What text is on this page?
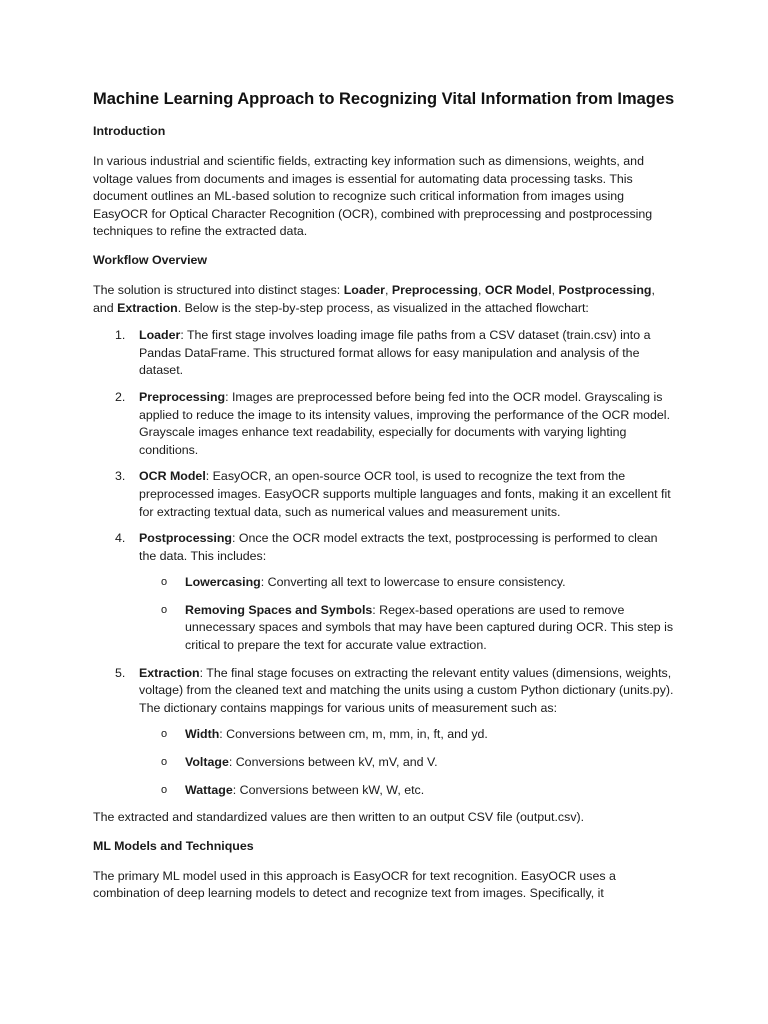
Machine Learning Approach to Recognizing Vital Information from Images
Introduction

In various industrial and scientific fields, extracting key information such as dimensions, weights, and voltage values from documents and images is essential for automating data processing tasks. This document outlines an ML-based solution to recognize such critical information from images using EasyOCR for Optical Character Recognition (OCR), combined with preprocessing and postprocessing techniques to refine the extracted data.

Workflow Overview

The solution is structured into distinct stages: Loader, Preprocessing, OCR Model, Postprocessing, and Extraction. Below is the step-by-step process, as visualized in the attached flowchart:

1. Loader: The first stage involves loading image file paths from a CSV dataset (train.csv) into a Pandas DataFrame. This structured format allows for easy manipulation and analysis of the dataset.
2. Preprocessing: Images are preprocessed before being fed into the OCR model. Grayscaling is applied to reduce the image to its intensity values, improving the performance of the OCR model. Grayscale images enhance text readability, especially for documents with varying lighting conditions.
3. OCR Model: EasyOCR, an open-source OCR tool, is used to recognize the text from the preprocessed images. EasyOCR supports multiple languages and fonts, making it an excellent fit for extracting textual data, such as numerical values and measurement units.
4. Postprocessing: Once the OCR model extracts the text, postprocessing is performed to clean the data. This includes:
o Lowercasing: Converting all text to lowercase to ensure consistency.
o Removing Spaces and Symbols: Regex-based operations are used to remove unnecessary spaces and symbols that may have been captured during OCR. This step is critical to prepare the text for accurate value extraction.
5. Extraction: The final stage focuses on extracting the relevant entity values (dimensions, weights, voltage) from the cleaned text and matching the units using a custom Python dictionary (units.py). The dictionary contains mappings for various units of measurement such as:
o Width: Conversions between cm, m, mm, in, ft, and yd.
o Voltage: Conversions between kV, mV, and V.
o Wattage: Conversions between kW, W, etc.

The extracted and standardized values are then written to an output CSV file (output.csv).

ML Models and Techniques

The primary ML model used in this approach is EasyOCR for text recognition. EasyOCR uses a combination of deep learning models to detect and recognize text from images. Specifically, it
